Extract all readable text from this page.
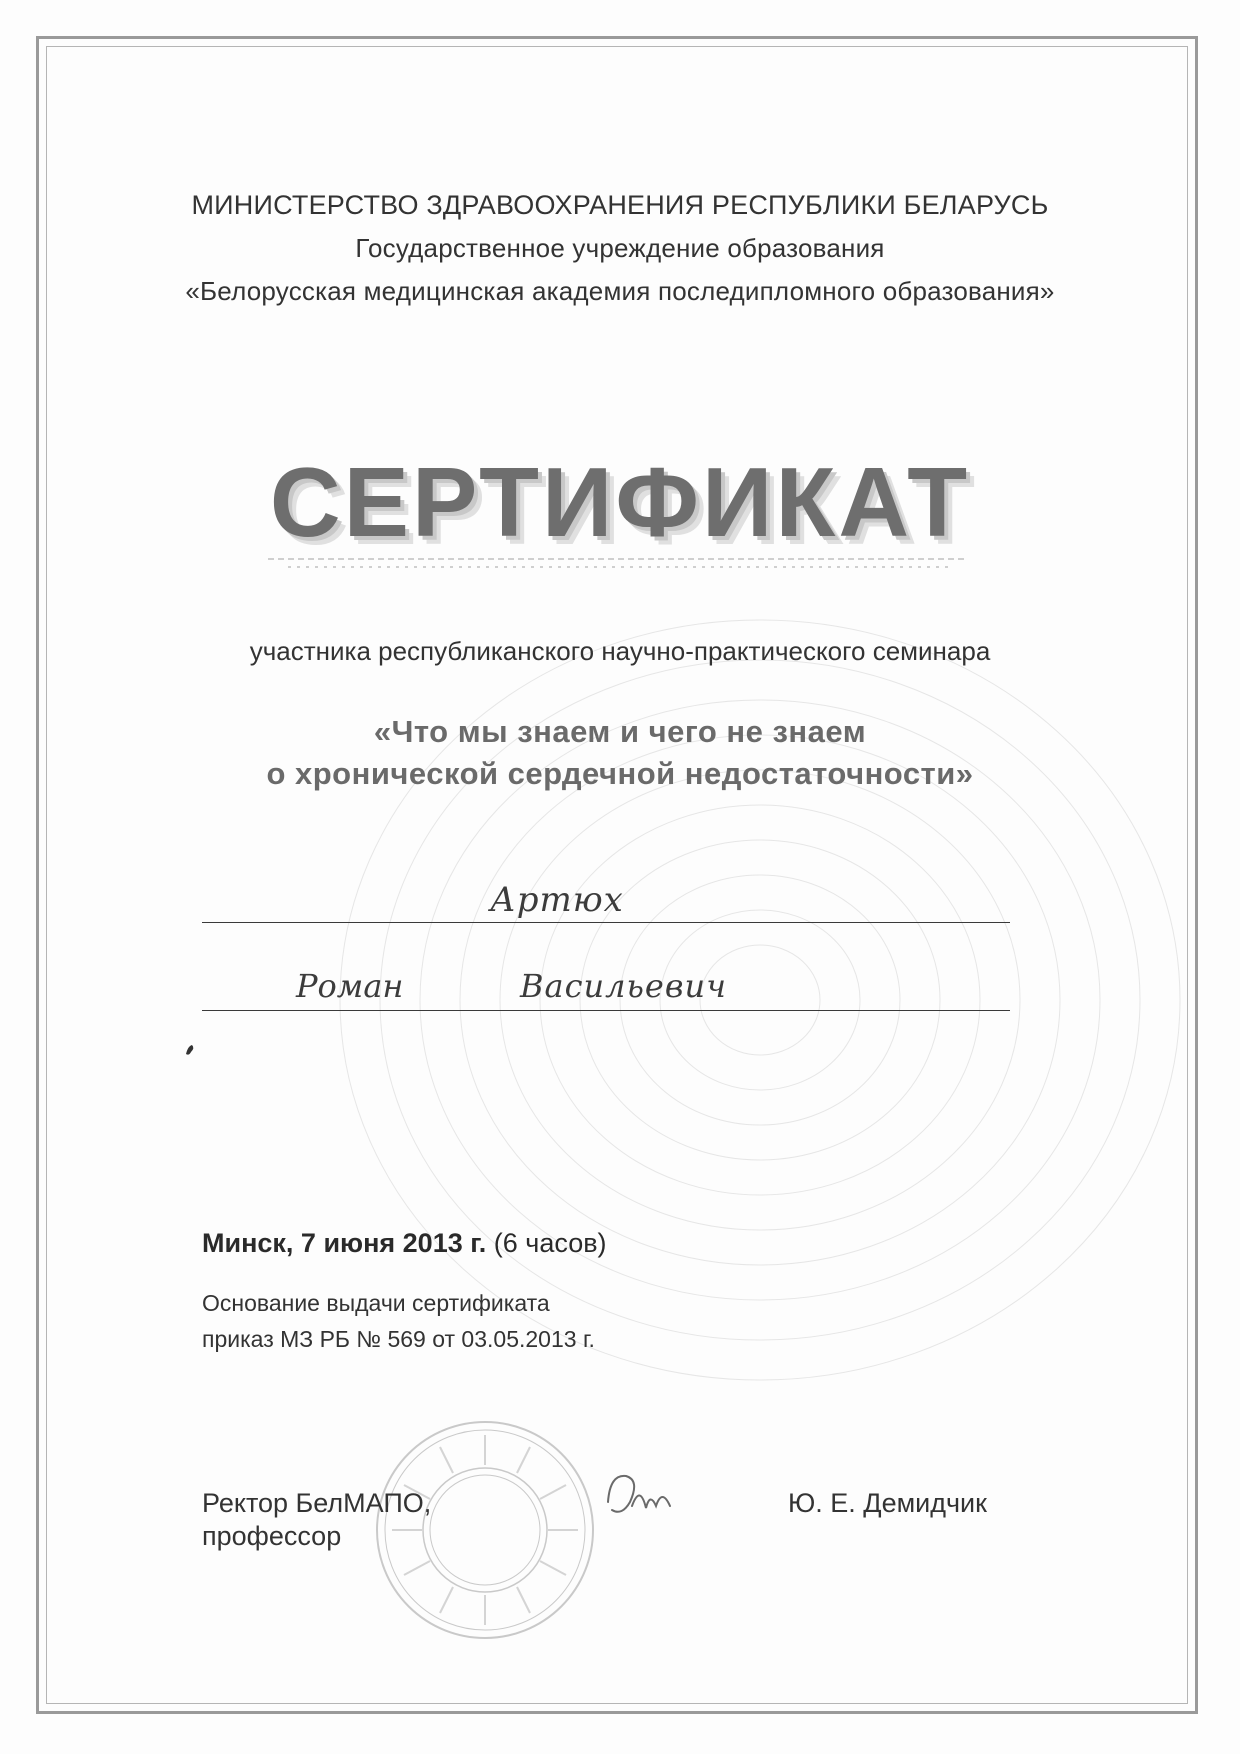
МИНИСТЕРСТВО ЗДРАВООХРАНЕНИЯ РЕСПУБЛИКИ БЕЛАРУСЬ
Государственное учреждение образования
«Белорусская медицинская академия последипломного образования»
СЕРТИФИКАТ
участника республиканского научно-практического семинара
«Что мы знаем и чего не знаем
о хронической сердечной недостаточности»
Артюх
Роман	Васильевич
Минск, 7 июня 2013 г. (6 часов)
Основание выдачи сертификата
приказ МЗ РБ № 569 от 03.05.2013 г.
Ректор БелМАПО,
профессор
Ю. Е. Демидчик
